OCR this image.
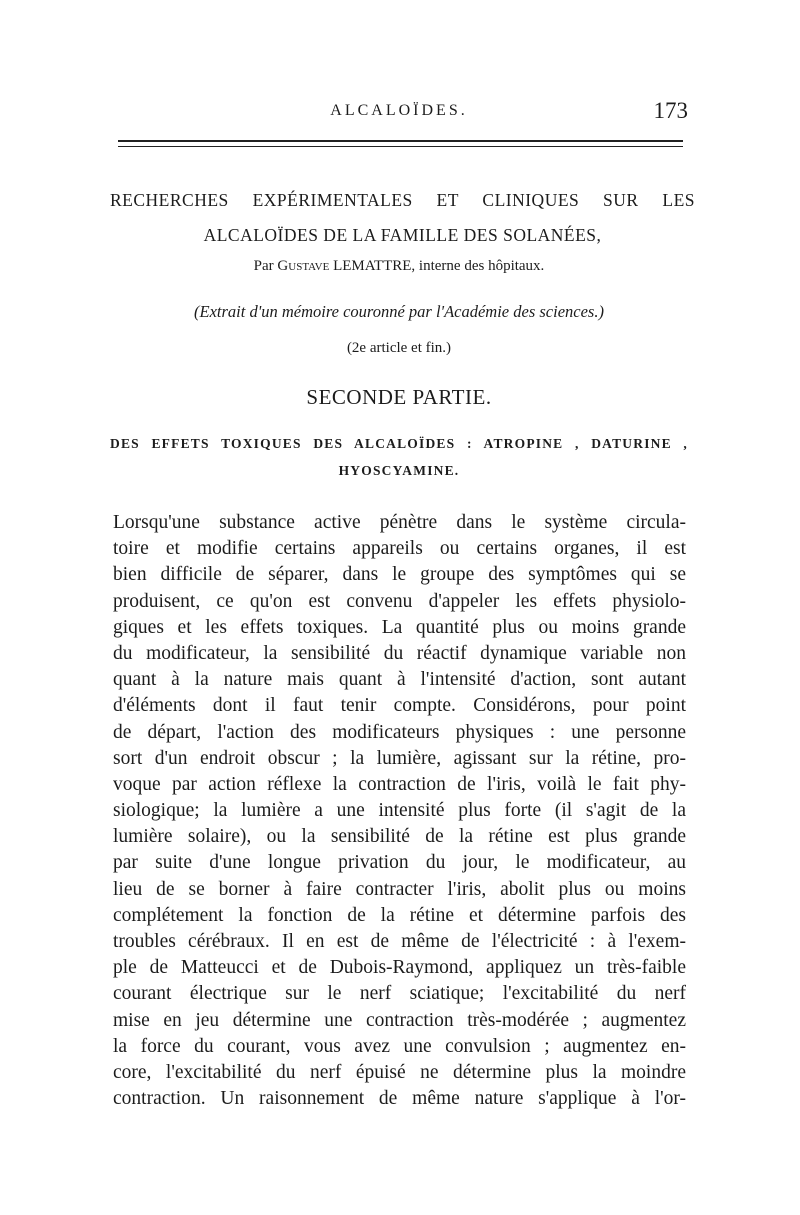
ALCALOÏDES.	173
RECHERCHES EXPÉRIMENTALES ET CLINIQUES SUR LES
ALCALOÏDES DE LA FAMILLE DES SOLANÉES,
Par Gustave LEMATTRE, interne des hôpitaux.
(Extrait d'un mémoire couronné par l'Académie des sciences.)
(2e article et fin.)
SECONDE PARTIE.
DES EFFETS TOXIQUES DES ALCALOÏDES : ATROPINE , DATURINE ,
HYOSCYAMINE.
Lorsqu'une substance active pénètre dans le système circula-
toire et modifie certains appareils ou certains organes, il est
bien difficile de séparer, dans le groupe des symptômes qui se
produisent, ce qu'on est convenu d'appeler les effets physiolo-
giques et les effets toxiques. La quantité plus ou moins grande
du modificateur, la sensibilité du réactif dynamique variable non
quant à la nature mais quant à l'intensité d'action, sont autant
d'éléments dont il faut tenir compte. Considérons, pour point
de départ, l'action des modificateurs physiques : une personne
sort d'un endroit obscur ; la lumière, agissant sur la rétine, pro-
voque par action réflexe la contraction de l'iris, voilà le fait phy-
siologique; la lumière a une intensité plus forte (il s'agit de la
lumière solaire), ou la sensibilité de la rétine est plus grande
par suite d'une longue privation du jour, le modificateur, au
lieu de se borner à faire contracter l'iris, abolit plus ou moins
complétement la fonction de la rétine et détermine parfois des
troubles cérébraux. Il en est de même de l'électricité : à l'exem-
ple de Matteucci et de Dubois-Raymond, appliquez un très-faible
courant électrique sur le nerf sciatique; l'excitabilité du nerf
mise en jeu détermine une contraction très-modérée ; augmentez
la force du courant, vous avez une convulsion ; augmentez en-
core, l'excitabilité du nerf épuisé ne détermine plus la moindre
contraction. Un raisonnement de même nature s'applique à l'or-
